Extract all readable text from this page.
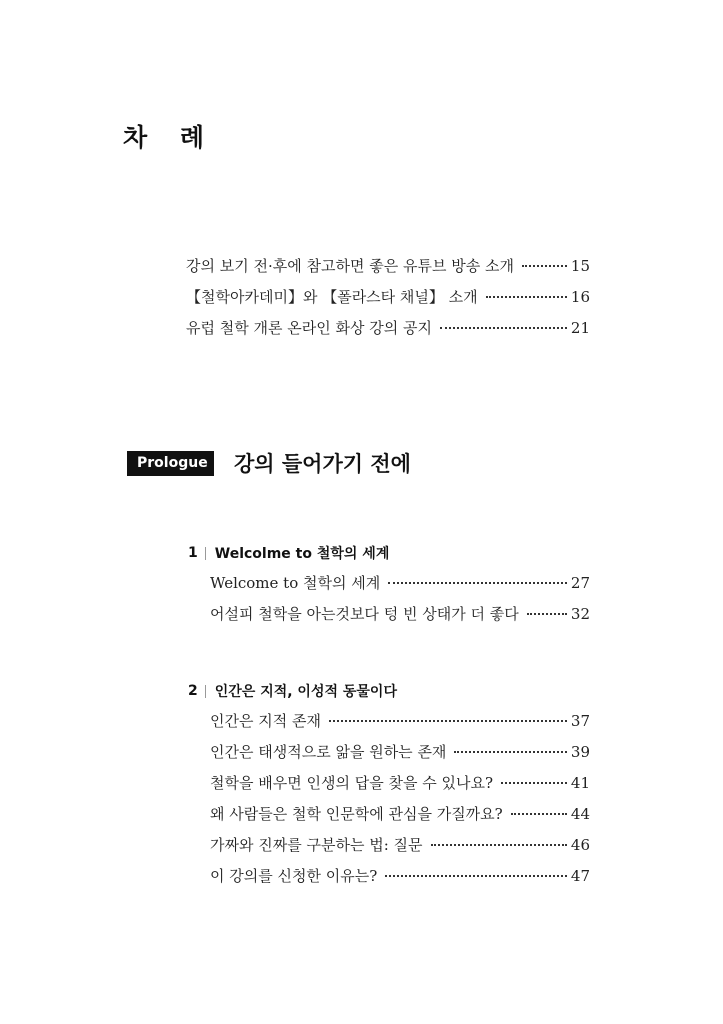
차 례
강의 보기 전·후에 참고하면 좋은 유튜브 방송 소개	15
【철학아카데미】와 【폴라스타 채널】 소개	16
유럽 철학 개론 온라인 화상 강의 공지	21
Prologue	강의 들어가기 전에
1 Welcolme to 철학의 세계
Welcome to 철학의 세계	27
어설피 철학을 아는것보다 텅 빈 상태가 더 좋다	32
2 인간은 지적, 이성적 동물이다
인간은 지적 존재	37
인간은 태생적으로 앎을 원하는 존재	39
철학을 배우면 인생의 답을 찾을 수 있나요?	41
왜 사람들은 철학 인문학에 관심을 가질까요?	44
가짜와 진짜를 구분하는 법: 질문	46
이 강의를 신청한 이유는?	47
